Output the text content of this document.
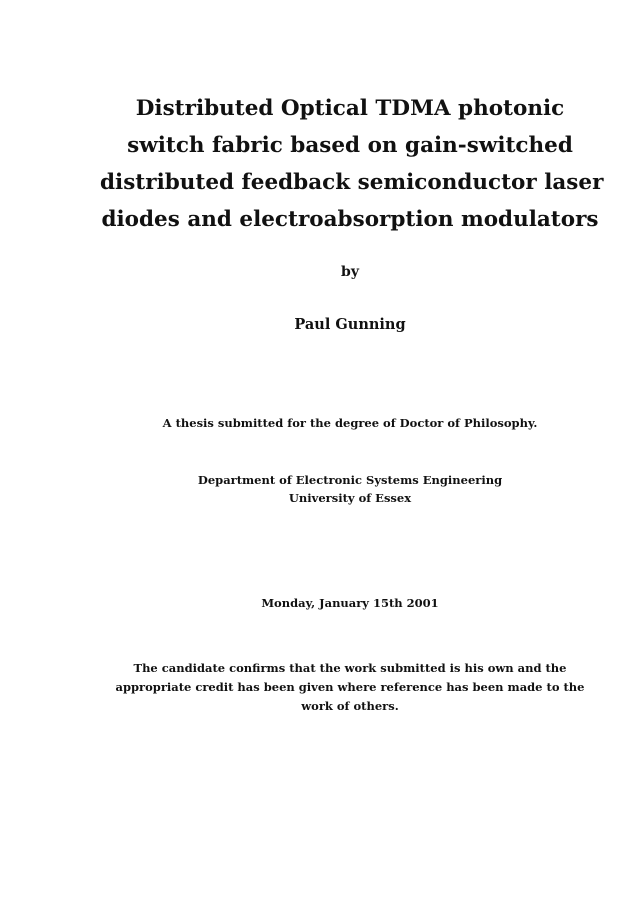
Distributed Optical TDMA photonic
switch fabric based on gain-switched
distributed feedback semiconductor laser
diodes and electroabsorption modulators
by
Paul Gunning
A thesis submitted for the degree of Doctor of Philosophy.
Department of Electronic Systems Engineering
University of Essex
Monday, January 15th 2001
The candidate confirms that the work submitted is his own and the
appropriate credit has been given where reference has been made to the
work of others.
